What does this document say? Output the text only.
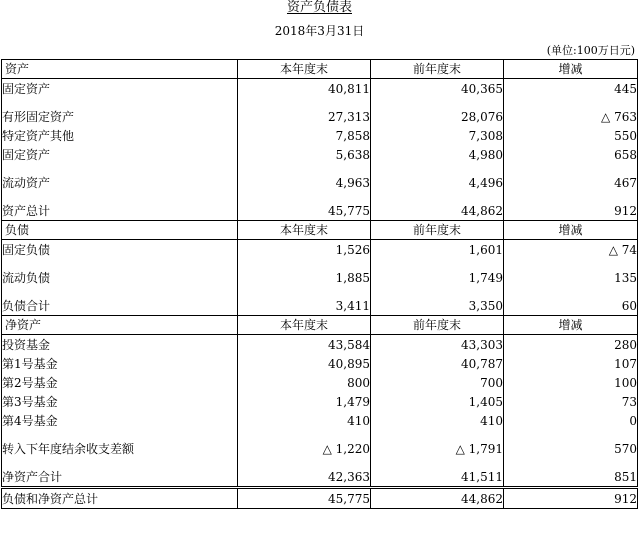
资产负债表
2018年3月31日
(单位:100万日元)
资产	本年度末	前年度末	增减
固定资产	40,811	40,365	445

有形固定资产	27,313	28,076	△ 763
特定资产其他	7,858	7,308	550
固定资产	5,638	4,980	658

流动资产	4,963	4,496	467

资产总计	45,775	44,862	912
负债	本年度末	前年度末	增减
固定负债	1,526	1,601	△ 74

流动负债	1,885	1,749	135

负债合计	3,411	3,350	60
净资产	本年度末	前年度末	增减
投资基金	43,584	43,303	280
第1号基金	40,895	40,787	107
第2号基金	800	700	100
第3号基金	1,479	1,405	73
第4号基金	410	410	0

转入下年度结余收支差额	△ 1,220	△ 1,791	570

净资产合计	42,363	41,511	851
负债和净资产总计	45,775	44,862	912
